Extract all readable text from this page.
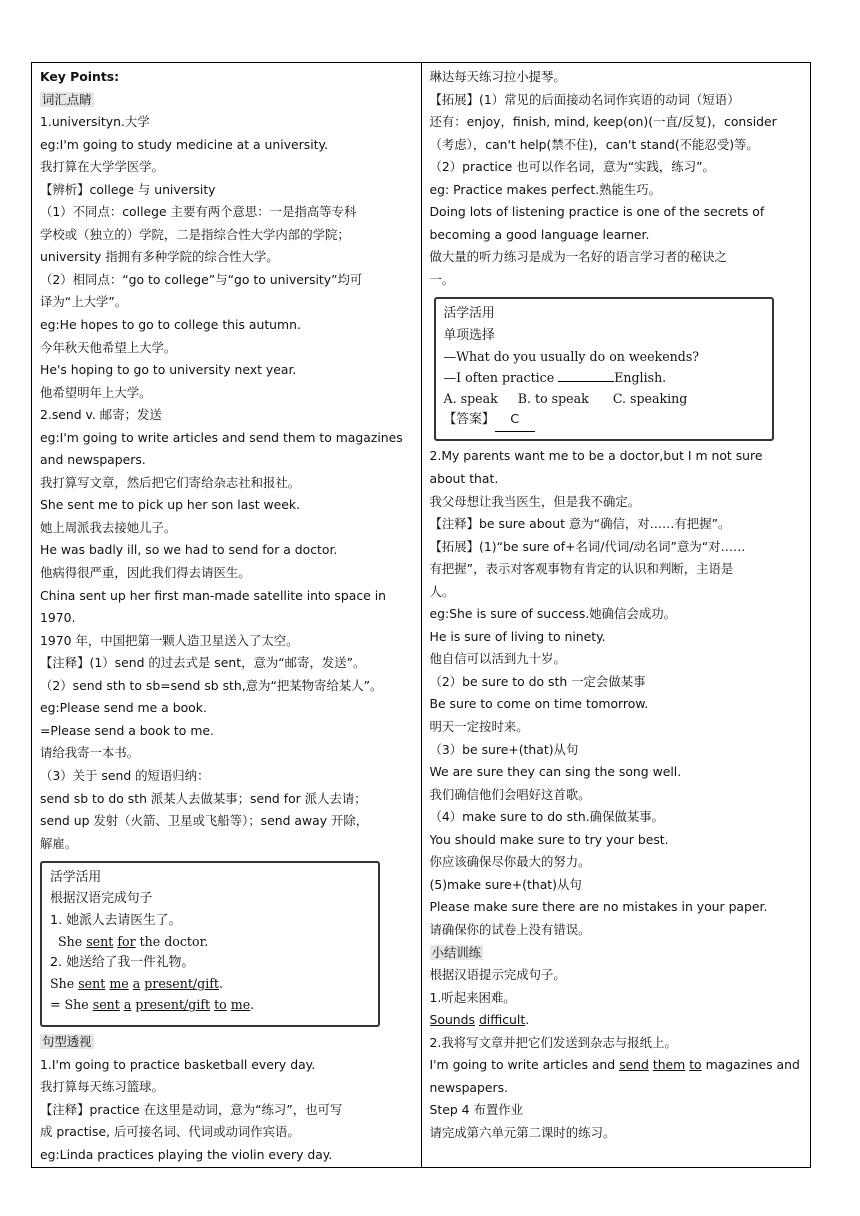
Key Points:
词汇点睛
1.universityn.大学
eg:I'm going to study medicine at a university.
我打算在大学学医学。
【辨析】college 与 university
（1）不同点：college 主要有两个意思：一是指高等专科
学校或（独立的）学院，二是指综合性大学内部的学院；
university 指拥有多种学院的综合性大学。
（2）相同点：“go to college”与“go to university”均可
译为“上大学”。
eg:He hopes to go to college this autumn.
今年秋天他希望上大学。
He's hoping to go to university next year.
他希望明年上大学。
2.send v. 邮寄；发送
eg:I'm going to write articles and send them to magazines
and newspapers.
我打算写文章，然后把它们寄给杂志社和报社。
She sent me to pick up her son last week.
她上周派我去接她儿子。
He was badly ill, so we had to send for a doctor.
他病得很严重，因此我们得去请医生。
China sent up her first man-made satellite into space in
1970.
1970 年，中国把第一颗人造卫星送入了太空。
【注释】(1）send 的过去式是 sent，意为“邮寄，发送”。
（2）send sth to sb=send sb sth,意为“把某物寄给某人”。
eg:Please send me a book.
=Please send a book to me.
请给我寄一本书。
（3）关于 send 的短语归纳：
send sb to do sth 派某人去做某事；send for 派人去请；
send up 发射（火箭、卫星或飞船等）；send away 开除，
解雇。
活学活用
根据汉语完成句子
1. 她派人去请医生了。
She sent for the doctor.
2. 她送给了我一件礼物。
She sent me a present/gift.
= She sent a present/gift to me.
句型透视
1.I'm going to practice basketball every day.
我打算每天练习篮球。
【注释】practice 在这里是动词，意为“练习”，也可写
成 practise, 后可接名词、代词或动词作宾语。
eg:Linda practices playing the violin every day.
琳达每天练习拉小提琴。
【拓展】(1）常见的后面接动名词作宾语的动词（短语）
还有：enjoy，finish, mind, keep(on)(一直/反复)，consider
（考虑），can't help(禁不住)，can't stand(不能忍受)等。
（2）practice 也可以作名词，意为“实践，练习”。
eg: Practice makes perfect.熟能生巧。
Doing lots of listening practice is one of the secrets of
becoming a good language learner.
做大量的听力练习是成为一名好的语言学习者的秘诀之
一。
活学活用
单项选择
—What do you usually do on weekends?
—I often practice	English.
A. speak B. to speak C. speaking
【答案】 C
2.My parents want me to be a doctor,but I m not sure
about that.
我父母想让我当医生，但是我不确定。
【注释】be sure about 意为“确信，对……有把握”。
【拓展】(1)“be sure of+名词/代词/动名词”意为“对……
有把握”，表示对客观事物有肯定的认识和判断，主语是
人。
eg:She is sure of success.她确信会成功。
He is sure of living to ninety.
他自信可以活到九十岁。
（2）be sure to do sth 一定会做某事
Be sure to come on time tomorrow.
明天一定按时来。
（3）be sure+(that)从句
We are sure they can sing the song well.
我们确信他们会唱好这首歌。
（4）make sure to do sth.确保做某事。
You should make sure to try your best.
你应该确保尽你最大的努力。
(5)make sure+(that)从句
Please make sure there are no mistakes in your paper.
请确保你的试卷上没有错误。
小结训练
根据汉语提示完成句子。
1.听起来困难。
Sounds difficult.
2.我将写文章并把它们发送到杂志与报纸上。
I'm going to write articles and send them to magazines and
newspapers.
Step 4 布置作业
请完成第六单元第二课时的练习。
